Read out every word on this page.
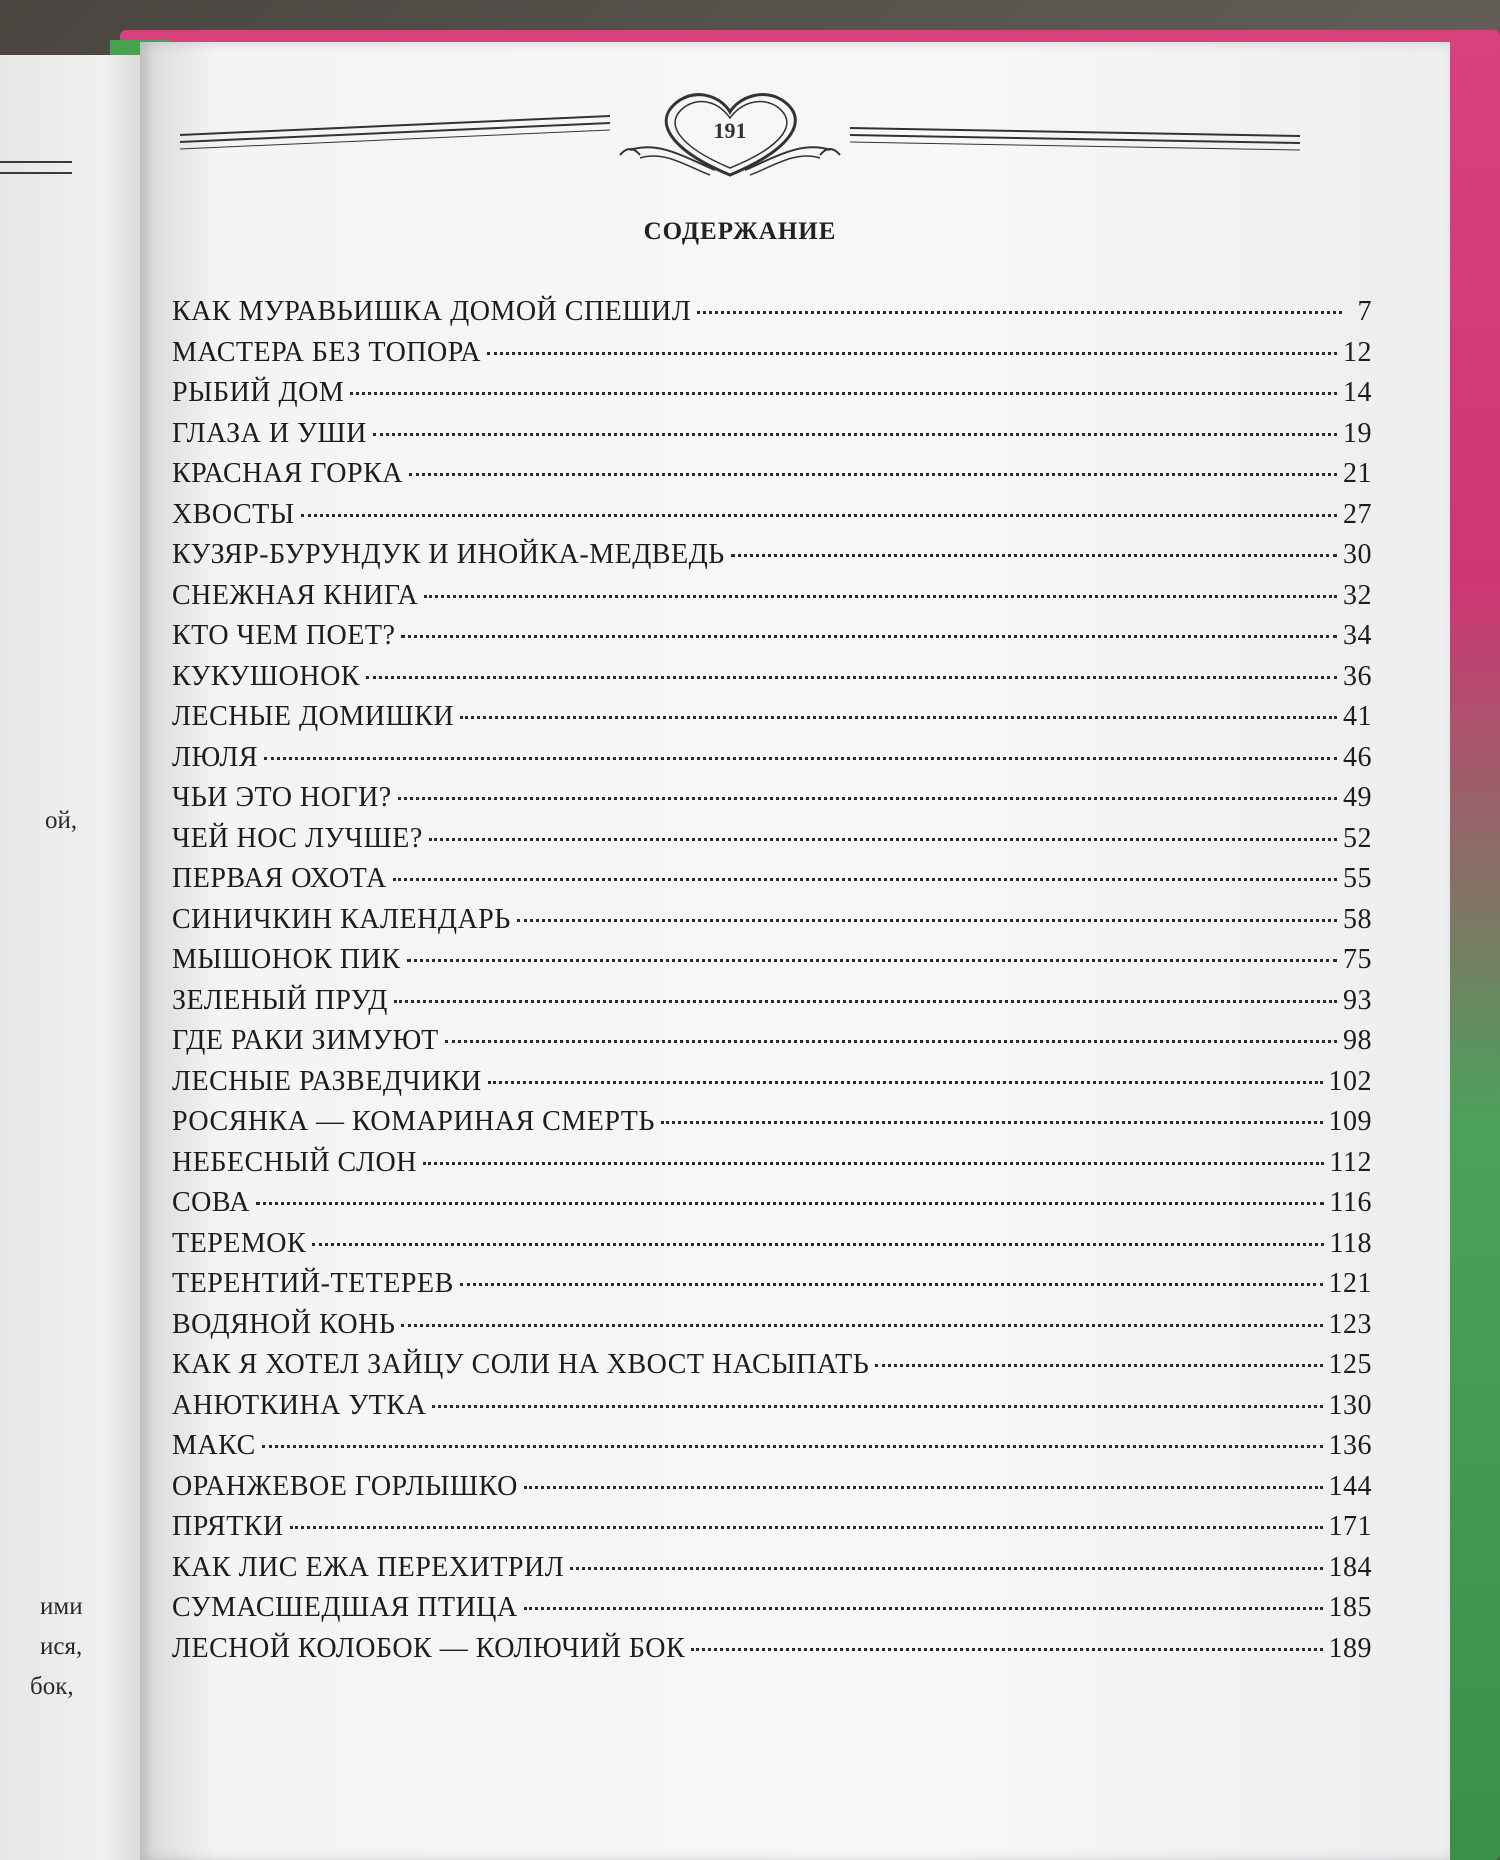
ой,
ими
ися,
бок,
191
СОДЕРЖАНИЕ
КАК МУРАВЬИШКА ДОМОЙ СПЕШИЛ	7
МАСТЕРА БЕЗ ТОПОРА	12
РЫБИЙ ДОМ	14
ГЛАЗА И УШИ	19
КРАСНАЯ ГОРКА	21
ХВОСТЫ	27
КУЗЯР-БУРУНДУК И ИНОЙКА-МЕДВЕДЬ	30
СНЕЖНАЯ КНИГА	32
КТО ЧЕМ ПОЕТ?	34
КУКУШОНОК	36
ЛЕСНЫЕ ДОМИШКИ	41
ЛЮЛЯ	46
ЧЬИ ЭТО НОГИ?	49
ЧЕЙ НОС ЛУЧШЕ?	52
ПЕРВАЯ ОХОТА	55
СИНИЧКИН КАЛЕНДАРЬ	58
МЫШОНОК ПИК	75
ЗЕЛЕНЫЙ ПРУД	93
ГДЕ РАКИ ЗИМУЮТ	98
ЛЕСНЫЕ РАЗВЕДЧИКИ	102
РОСЯНКА — КОМАРИНАЯ СМЕРТЬ	109
НЕБЕСНЫЙ СЛОН	112
СОВА	116
ТЕРЕМОК	118
ТЕРЕНТИЙ-ТЕТЕРЕВ	121
ВОДЯНОЙ КОНЬ	123
КАК Я ХОТЕЛ ЗАЙЦУ СОЛИ НА ХВОСТ НАСЫПАТЬ	125
АНЮТКИНА УТКА	130
МАКС	136
ОРАНЖЕВОЕ ГОРЛЫШКО	144
ПРЯТКИ	171
КАК ЛИС ЕЖА ПЕРЕХИТРИЛ	184
СУМАСШЕДШАЯ ПТИЦА	185
ЛЕСНОЙ КОЛОБОК — КОЛЮЧИЙ БОК	189
